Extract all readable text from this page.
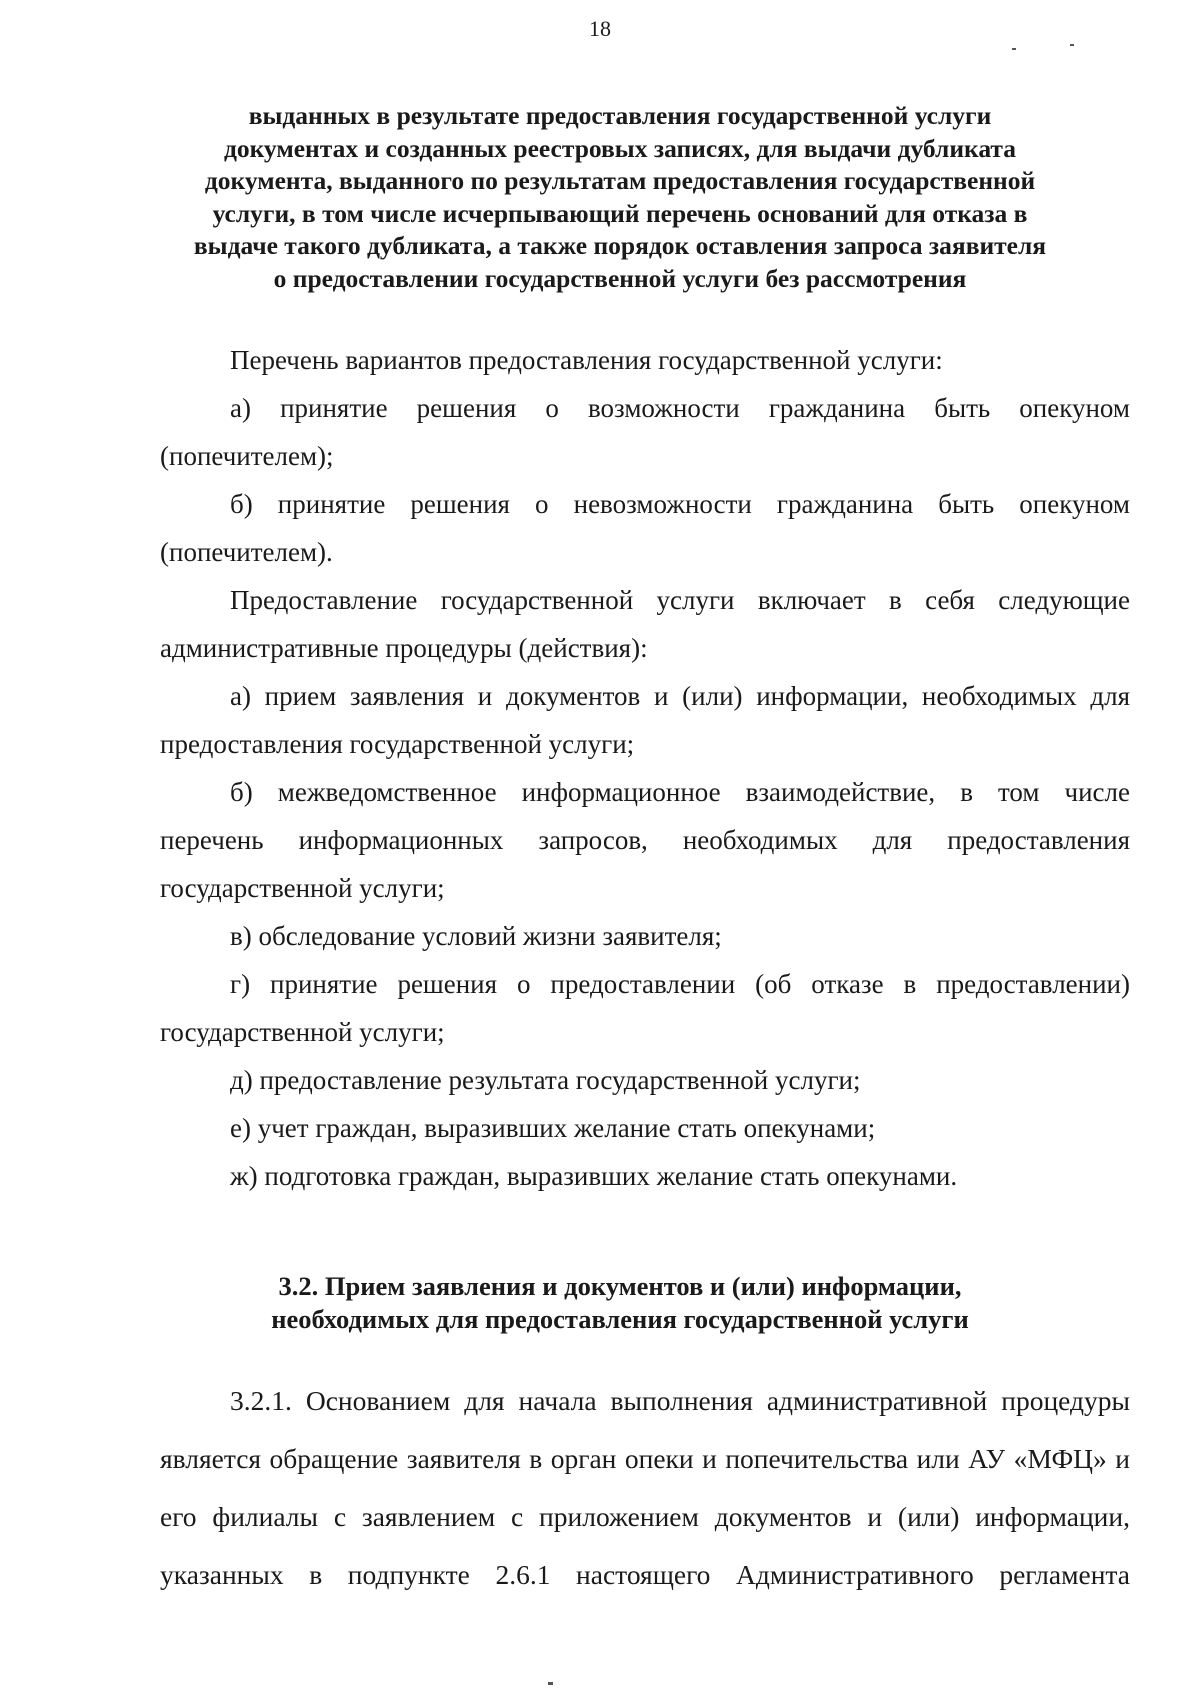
18
выданных в результате предоставления государственной услуги
документах и созданных реестровых записях, для выдачи дубликата
документа, выданного по результатам предоставления государственной
услуги, в том числе исчерпывающий перечень оснований для отказа в
выдаче такого дубликата, а также порядок оставления запроса заявителя
о предоставлении государственной услуги без рассмотрения
Перечень вариантов предоставления государственной услуги:
а) принятие решения о возможности гражданина быть опекуном
(попечителем);
б) принятие решения о невозможности гражданина быть опекуном
(попечителем).
Предоставление государственной услуги включает в себя следующие
административные процедуры (действия):
а) прием заявления и документов и (или) информации, необходимых для
предоставления государственной услуги;
б) межведомственное информационное взаимодействие, в том числе
перечень информационных запросов, необходимых для предоставления
государственной услуги;
в) обследование условий жизни заявителя;
г) принятие решения о предоставлении (об отказе в предоставлении)
государственной услуги;
д) предоставление результата государственной услуги;
е) учет граждан, выразивших желание стать опекунами;
ж) подготовка граждан, выразивших желание стать опекунами.
3.2. Прием заявления и документов и (или) информации,
необходимых для предоставления государственной услуги
3.2.1. Основанием для начала выполнения административной процедуры
является обращение заявителя в орган опеки и попечительства или АУ «МФЦ» и
его филиалы с заявлением с приложением документов и (или) информации,
указанных в подпункте 2.6.1 настоящего Административного регламента
